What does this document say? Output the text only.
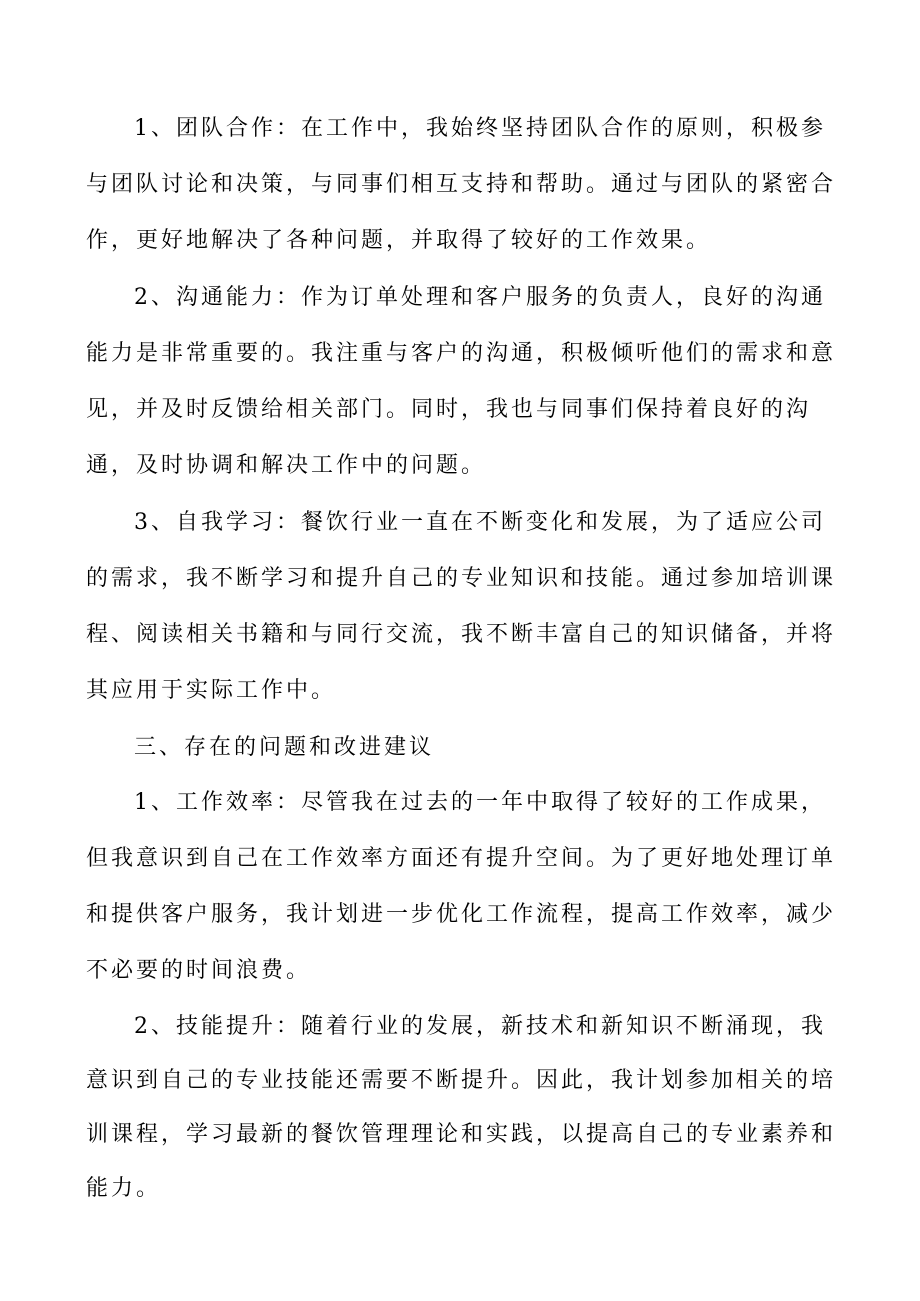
1、团队合作：在工作中，我始终坚持团队合作的原则，积极参与团队讨论和决策，与同事们相互支持和帮助。通过与团队的紧密合作，更好地解决了各种问题，并取得了较好的工作效果。

2、沟通能力：作为订单处理和客户服务的负责人，良好的沟通能力是非常重要的。我注重与客户的沟通，积极倾听他们的需求和意见，并及时反馈给相关部门。同时，我也与同事们保持着良好的沟通，及时协调和解决工作中的问题。

3、自我学习：餐饮行业一直在不断变化和发展，为了适应公司的需求，我不断学习和提升自己的专业知识和技能。通过参加培训课程、阅读相关书籍和与同行交流，我不断丰富自己的知识储备，并将其应用于实际工作中。

三、存在的问题和改进建议

1、工作效率：尽管我在过去的一年中取得了较好的工作成果，但我意识到自己在工作效率方面还有提升空间。为了更好地处理订单和提供客户服务，我计划进一步优化工作流程，提高工作效率，减少不必要的时间浪费。

2、技能提升：随着行业的发展，新技术和新知识不断涌现，我意识到自己的专业技能还需要不断提升。因此，我计划参加相关的培训课程，学习最新的餐饮管理理论和实践，以提高自己的专业素养和能力。
